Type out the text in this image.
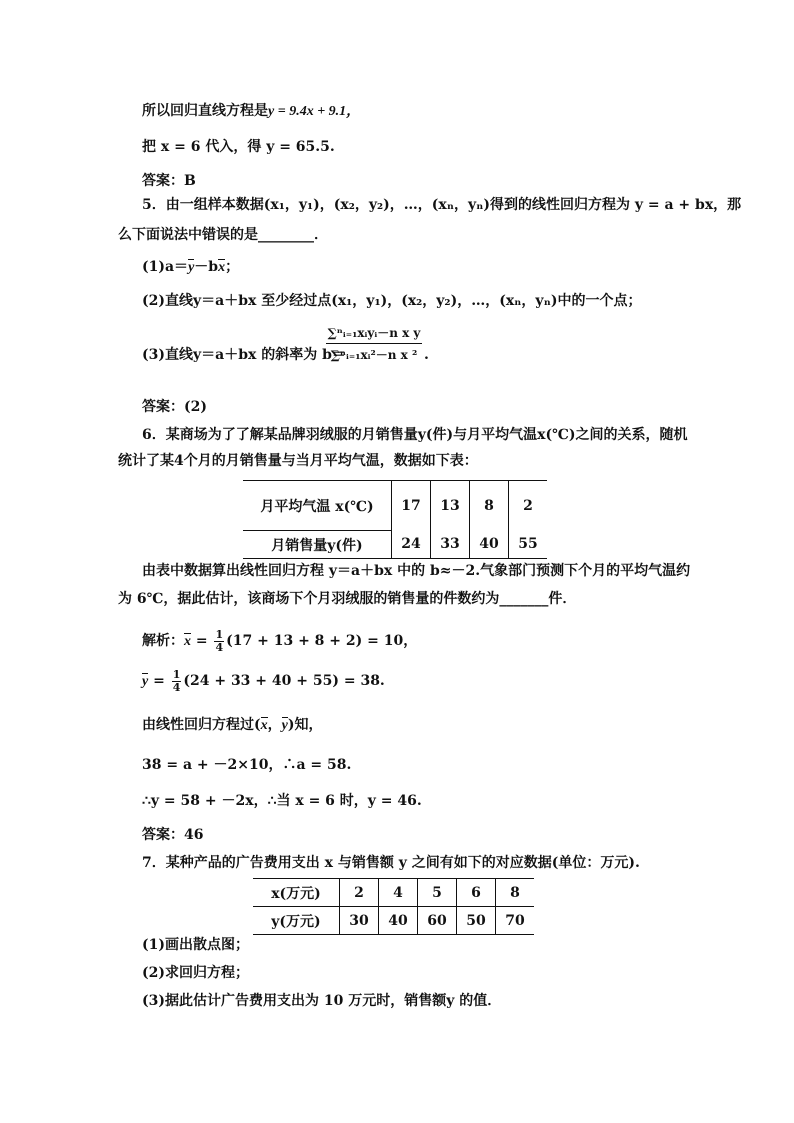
所以回归直线方程是y = 9.4x + 9.1，
把 x = 6 代入，得 y = 65.5.
答案：B
5．由一组样本数据(x₁，y₁)，(x₂，y₂)，…，(xₙ，yₙ)得到的线性回归方程为 y = a + bx，那
么下面说法中错误的是________．
(1)a＝y－bx；
(2)直线y＝a＋bx 至少经过点(x₁，y₁)，(x₂，y₂)，…，(xₙ，yₙ)中的一个点；
(3)直线y＝a＋bx 的斜率为 b＝
∑ⁿᵢ₌₁xᵢyᵢ－n x y
∑ⁿᵢ₌₁xᵢ²－n x ² .
答案：(2)
6．某商场为了了解某品牌羽绒服的月销售量y(件)与月平均气温x(℃)之间的关系，随机
统计了某4个月的月销售量与当月平均气温，数据如下表：
月平均气温 x(℃)	17	13	8	2
月销售量y(件)	24	33	40	55
由表中数据算出线性回归方程 y＝a＋bx 中的 b≈－2.气象部门预测下个月的平均气温约
为 6℃，据此估计，该商场下个月羽绒服的销售量的件数约为_______件．
解析：$x = \frac{1}{4} (17 + 13 + 8 + 2) = 10$，
$y = \frac{1}{4} (24 + 33 + 40 + 55) = 38$.
由线性回归方程过(x，y)知，
38 = a + －2×10，∴a = 58.
∴y = 58 + －2x，∴当 x = 6 时，y = 46.
答案：46
7．某种产品的广告费用支出 x 与销售额 y 之间有如下的对应数据(单位：万元).
x(万元)	2	4	5	6	8
y(万元)	30	40	60	50	70
(1)画出散点图；
(2)求回归方程；
(3)据此估计广告费用支出为 10 万元时，销售额y 的值．
